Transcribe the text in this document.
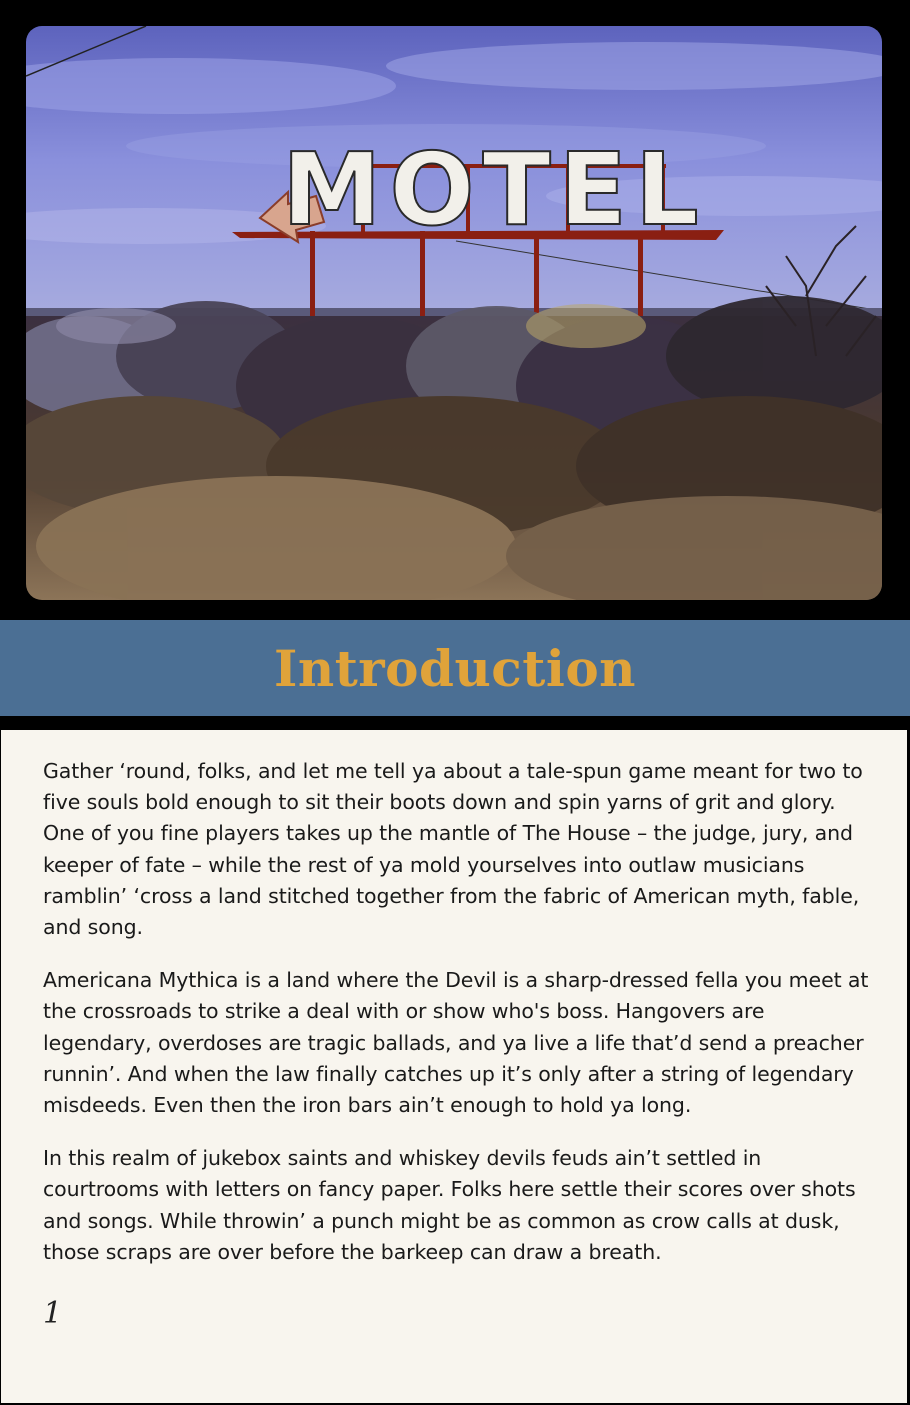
MOTEL
Introduction

Gather ‘round, folks, and let me tell ya about a tale-spun game meant for two to five souls bold enough to sit their boots down and spin yarns of grit and glory. One of you fine players takes up the mantle of The House – the judge, jury, and keeper of fate – while the rest of ya mold yourselves into outlaw musicians ramblin’ ‘cross a land stitched together from the fabric of American myth, fable, and song.

Americana Mythica is a land where the Devil is a sharp-dressed fella you meet at the crossroads to strike a deal with or show who's boss. Hangovers are legendary, overdoses are tragic ballads, and ya live a life that’d send a preacher runnin’. And when the law finally catches up it’s only after a string of legendary misdeeds. Even then the iron bars ain’t enough to hold ya long.

In this realm of jukebox saints and whiskey devils feuds ain’t settled in courtrooms with letters on fancy paper. Folks here settle their scores over shots and songs. While throwin’ a punch might be as common as crow calls at dusk, those scraps are over before the barkeep can draw a breath.

1
